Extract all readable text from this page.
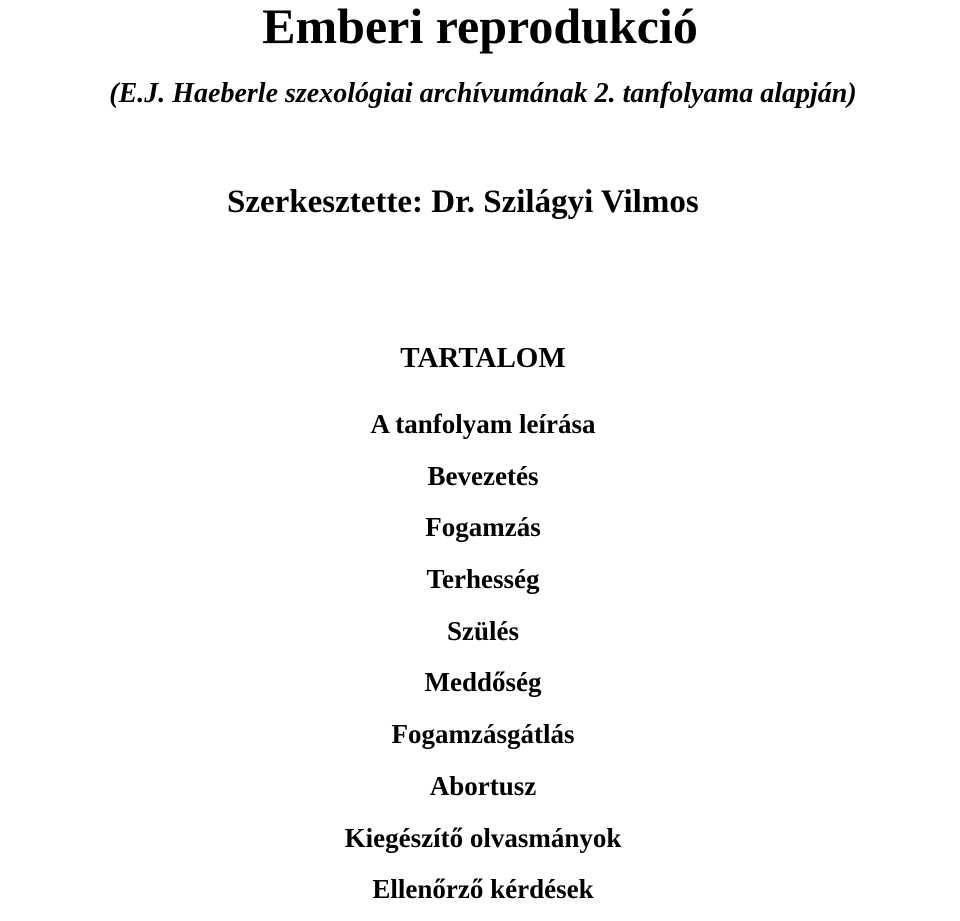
Emberi reprodukció

(E.J. Haeberle szexológiai archívumának 2. tanfolyama alapján)

Szerkesztette: Dr. Szilágyi Vilmos

TARTALOM
A tanfolyam leírása
Bevezetés
Fogamzás
Terhesség
Szülés
Meddőség
Fogamzásgátlás
Abortusz
Kiegészítő olvasmányok
Ellenőrző kérdések
